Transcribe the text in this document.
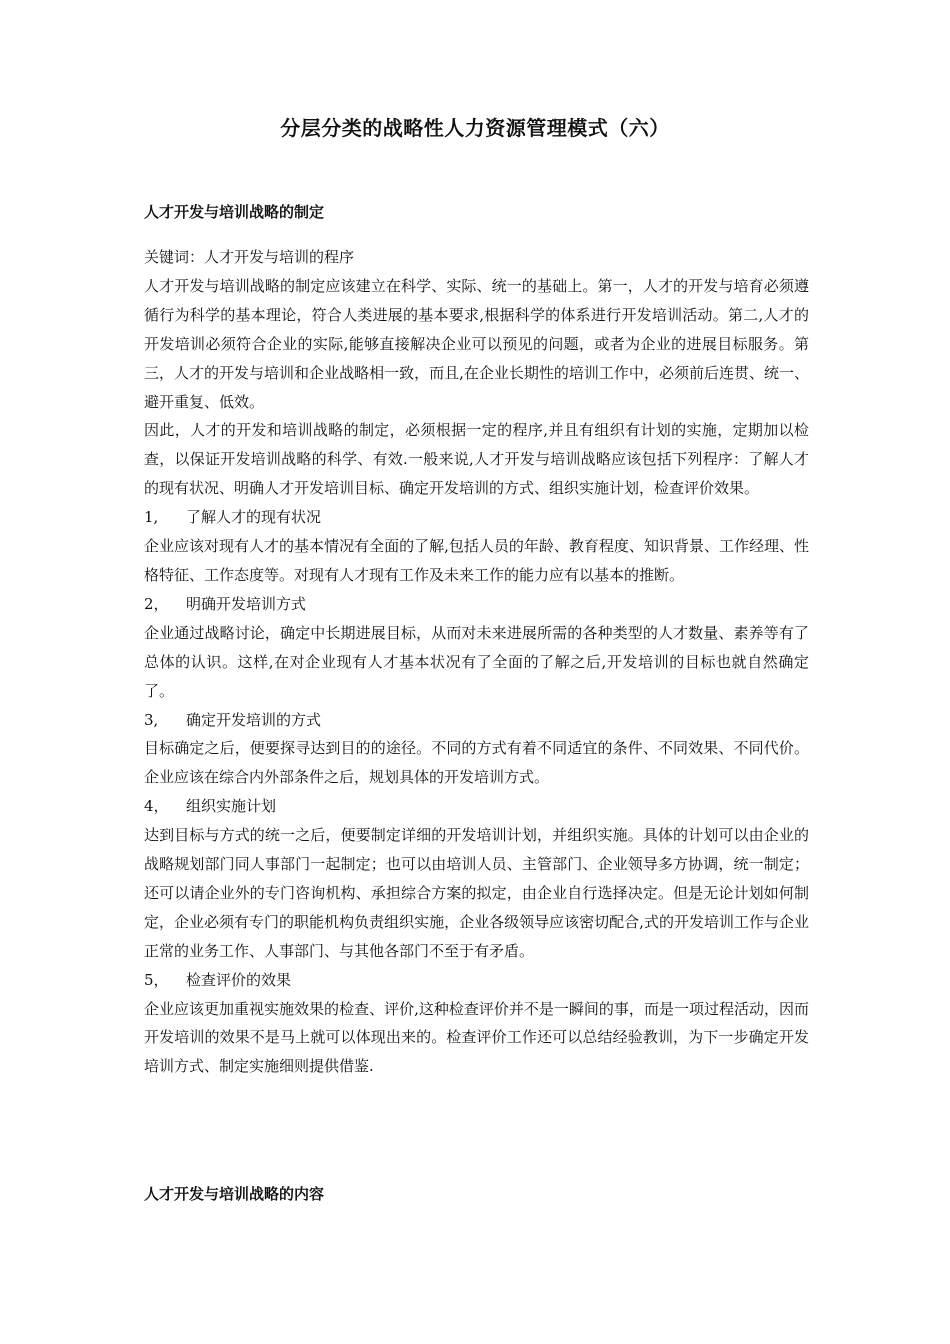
分层分类的战略性人力资源管理模式（六）
人才开发与培训战略的制定

关键词：人才开发与培训的程序

人才开发与培训战略的制定应该建立在科学、实际、统一的基础上。第一，人才的开发与培育必须遵循行为科学的基本理论，符合人类进展的基本要求,根据科学的体系进行开发培训活动。第二,人才的开发培训必须符合企业的实际,能够直接解决企业可以预见的问题，或者为企业的进展目标服务。第三，人才的开发与培训和企业战略相一致，而且,在企业长期性的培训工作中，必须前后连贯、统一、避开重复、低效。

因此，人才的开发和培训战略的制定，必须根据一定的程序,并且有组织有计划的实施，定期加以检查，以保证开发培训战略的科学、有效.一般来说,人才开发与培训战略应该包括下列程序：了解人才的现有状况、明确人才开发培训目标、确定开发培训的方式、组织实施计划，检查评价效果。

1,	了解人才的现有状况

企业应该对现有人才的基本情况有全面的了解,包括人员的年龄、教育程度、知识背景、工作经理、性格特征、工作态度等。对现有人才现有工作及未来工作的能力应有以基本的推断。

2，	明确开发培训方式

企业通过战略讨论，确定中长期进展目标，从而对未来进展所需的各种类型的人才数量、素养等有了总体的认识。这样,在对企业现有人才基本状况有了全面的了解之后,开发培训的目标也就自然确定了。

3,	确定开发培训的方式

目标确定之后，便要探寻达到目的的途径。不同的方式有着不同适宜的条件、不同效果、不同代价。企业应该在综合内外部条件之后，规划具体的开发培训方式。

4，	组织实施计划

达到目标与方式的统一之后，便要制定详细的开发培训计划，并组织实施。具体的计划可以由企业的战略规划部门同人事部门一起制定；也可以由培训人员、主管部门、企业领导多方协调，统一制定；还可以请企业外的专门咨询机构、承担综合方案的拟定，由企业自行选择决定。但是无论计划如何制定，企业必须有专门的职能机构负责组织实施，企业各级领导应该密切配合,式的开发培训工作与企业正常的业务工作、人事部门、与其他各部门不至于有矛盾。

5，	检查评价的效果

企业应该更加重视实施效果的检查、评价,这种检查评价并不是一瞬间的事，而是一项过程活动，因而开发培训的效果不是马上就可以体现出来的。检查评价工作还可以总结经验教训，为下一步确定开发培训方式、制定实施细则提供借鉴.

人才开发与培训战略的内容
